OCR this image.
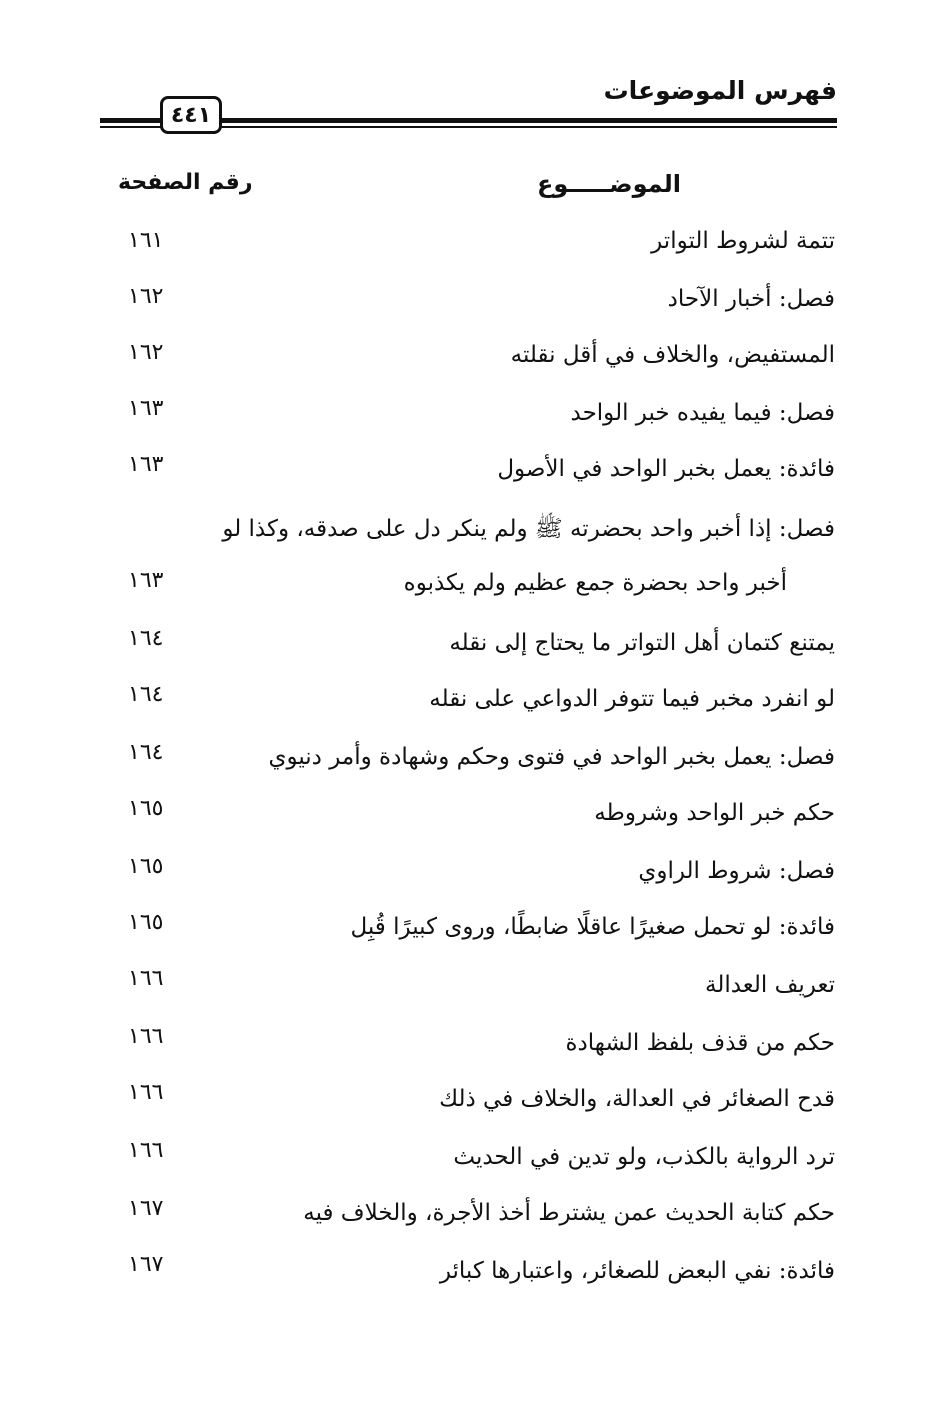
فهرس الموضوعات
٤٤١
الموضـــــوع
رقم الصفحة
تتمة لشروط التواتر
١٦١
فصل: أخبار الآحاد
١٦٢
المستفيض، والخلاف في أقل نقلته
١٦٢
فصل: فيما يفيده خبر الواحد
١٦٣
فائدة: يعمل بخبر الواحد في الأصول
١٦٣
فصل: إذا أخبر واحد بحضرته ﷺ ولم ينكر دل على صدقه، وكذا لو
أخبر واحد بحضرة جمع عظيم ولم يكذبوه
١٦٣
يمتنع كتمان أهل التواتر ما يحتاج إلى نقله
١٦٤
لو انفرد مخبر فيما تتوفر الدواعي على نقله
١٦٤
فصل: يعمل بخبر الواحد في فتوى وحكم وشهادة وأمر دنيوي
١٦٤
حكم خبر الواحد وشروطه
١٦٥
فصل: شروط الراوي
١٦٥
فائدة: لو تحمل صغيرًا عاقلًا ضابطًا، وروى كبيرًا قُبِل
١٦٥
تعريف العدالة
١٦٦
حكم من قذف بلفظ الشهادة
١٦٦
قدح الصغائر في العدالة، والخلاف في ذلك
١٦٦
ترد الرواية بالكذب، ولو تدين في الحديث
١٦٦
حكم كتابة الحديث عمن يشترط أخذ الأجرة، والخلاف فيه
١٦٧
فائدة: نفي البعض للصغائر، واعتبارها كبائر
١٦٧
